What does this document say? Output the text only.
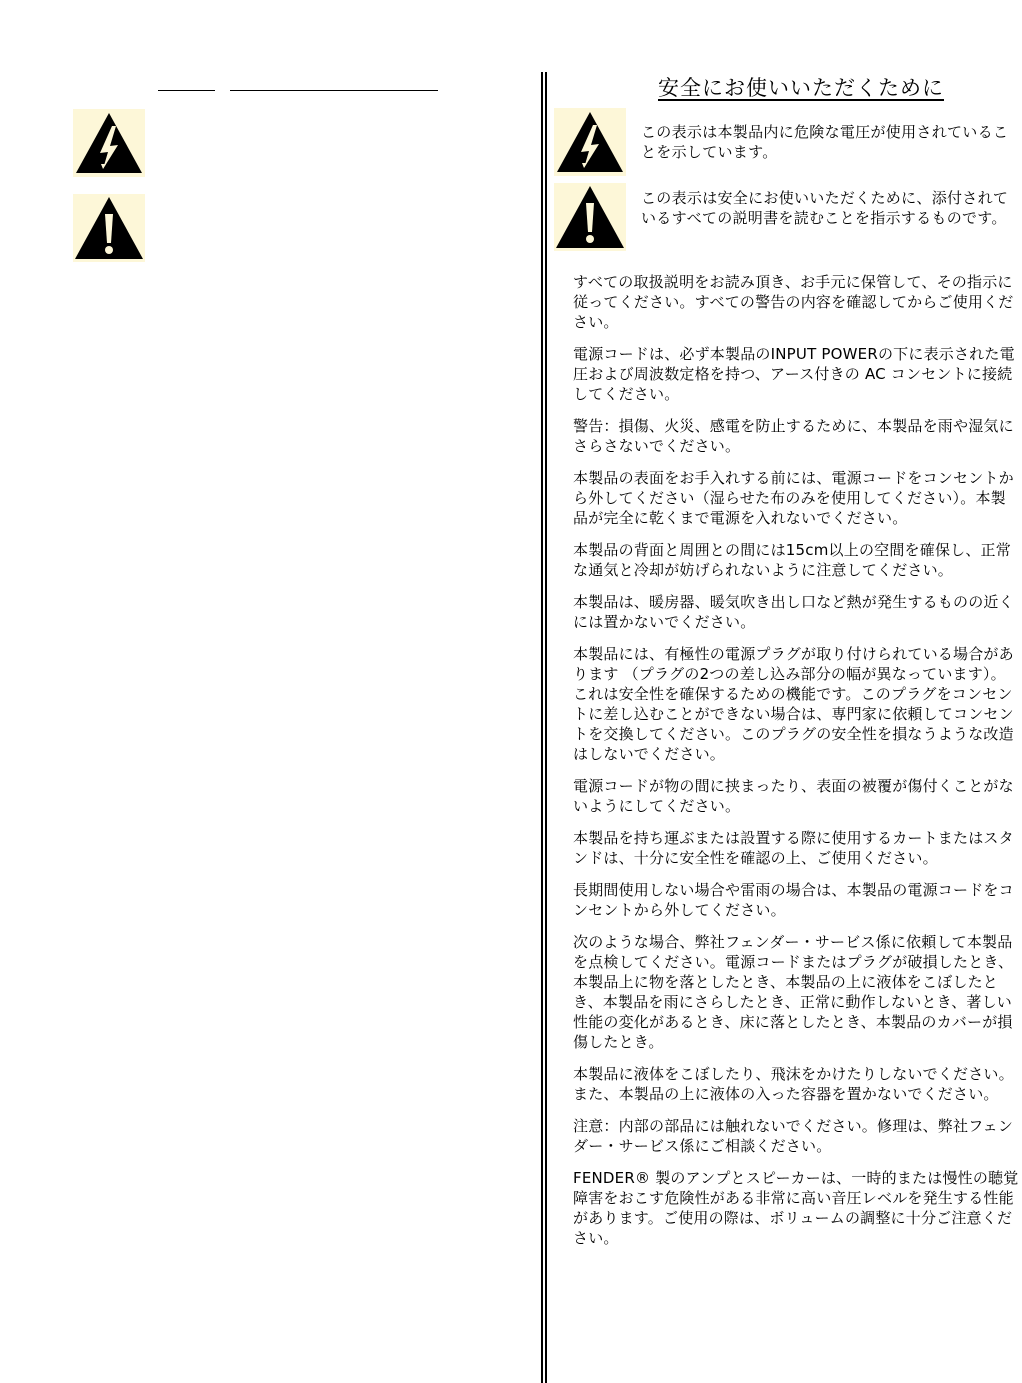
安全にお使いいただくために
この表示は本製品内に危険な電圧が使用されていることを示しています。
この表示は安全にお使いいただくために、添付されているすべての説明書を読むことを指示するものです。

すべての取扱説明をお読み頂き、お手元に保管して、その指示に従ってください。すべての警告の内容を確認してからご使用ください。

電源コードは、必ず本製品のINPUT POWERの下に表示された電圧および周波数定格を持つ、アース付きの AC コンセントに接続してください。

警告：損傷、火災、感電を防止するために、本製品を雨や湿気にさらさないでください。

本製品の表面をお手入れする前には、電源コードをコンセントから外してください（湿らせた布のみを使用してください）。本製品が完全に乾くまで電源を入れないでください。

本製品の背面と周囲との間には15cm以上の空間を確保し、正常な通気と冷却が妨げられないように注意してください。

本製品は、暖房器、暖気吹き出し口など熱が発生するものの近くには置かないでください。

本製品には、有極性の電源プラグが取り付けられている場合があります （プラグの2つの差し込み部分の幅が異なっています）。 これは安全性を確保するための機能です。このプラグをコンセントに差し込むことができない場合は、専門家に依頼してコンセントを交換してください。このプラグの安全性を損なうような改造はしないでください。

電源コードが物の間に挟まったり、表面の被覆が傷付くことがないようにしてください。

本製品を持ち運ぶまたは設置する際に使用するカートまたはスタンドは、十分に安全性を確認の上、ご使用ください。

長期間使用しない場合や雷雨の場合は、本製品の電源コードをコンセントから外してください。

次のような場合、弊社フェンダー・サービス係に依頼して本製品を点検してください。電源コードまたはプラグが破損したとき、本製品上に物を落としたとき、本製品の上に液体をこぼしたとき、本製品を雨にさらしたとき、正常に動作しないとき、著しい性能の変化があるとき、床に落としたとき、本製品のカバーが損傷したとき。

本製品に液体をこぼしたり、飛沫をかけたりしないでください。また、本製品の上に液体の入った容器を置かないでください。

注意：内部の部品には触れないでください。修理は、弊社フェンダー・サービス係にご相談ください。

FENDER® 製のアンプとスピーカーは、一時的または慢性の聴覚障害をおこす危険性がある非常に高い音圧レベルを発生する性能があります。ご使用の際は、ボリュームの調整に十分ご注意ください。
